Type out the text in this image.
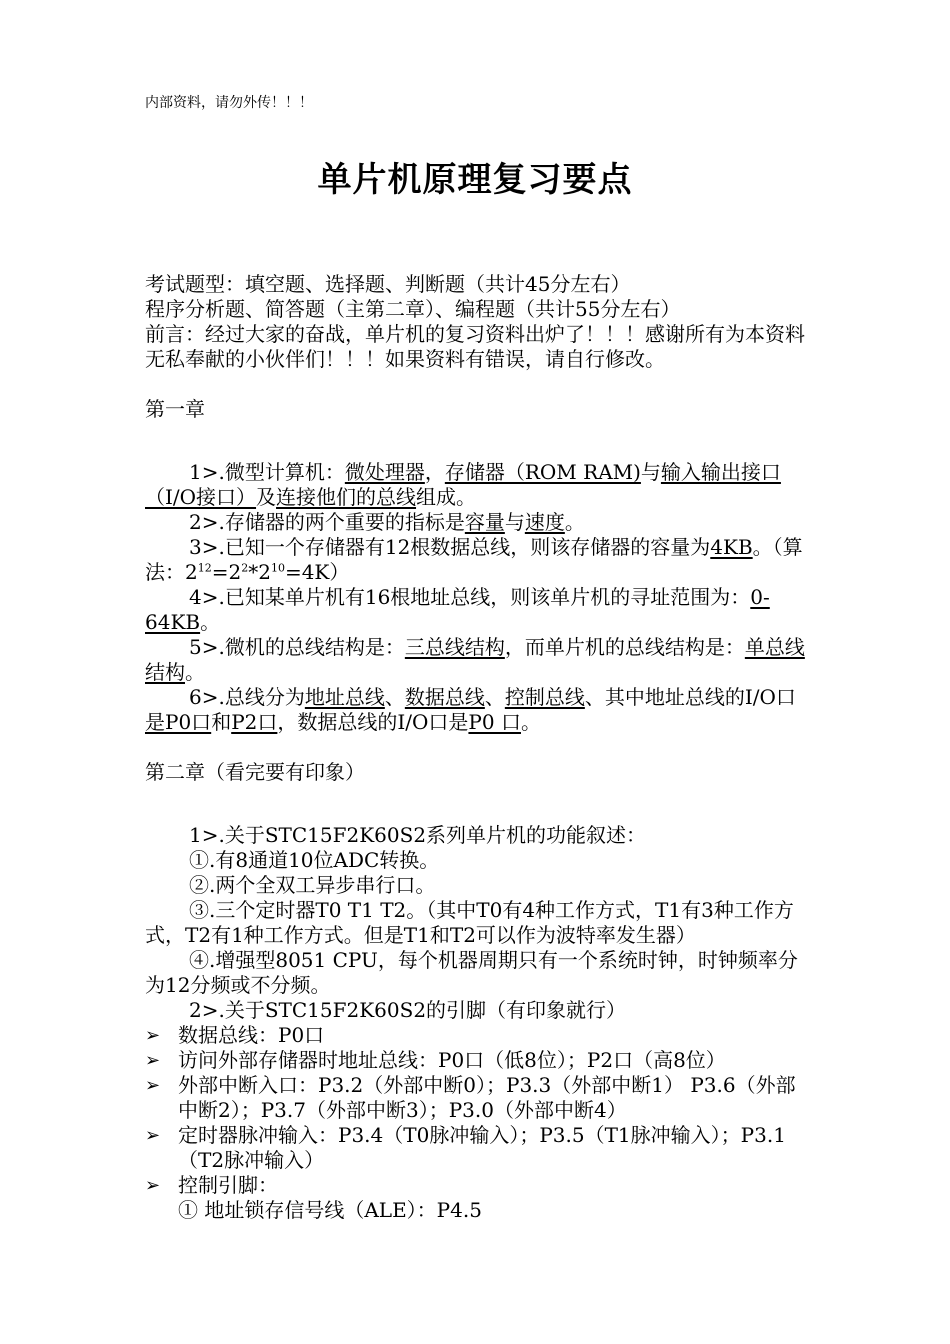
内部资料，请勿外传！！！
单片机原理复习要点

考试题型：填空题、选择题、判断题（共计45分左右）

程序分析题、简答题（主第二章）、编程题（共计55分左右）

前言：经过大家的奋战，单片机的复习资料出炉了！！！感谢所有为本资料无私奉献的小伙伴们！！！如果资料有错误，请自行修改。

第一章

1>.微型计算机：微处理器，存储器（ROM RAM)与输入输出接口（I/O接口）及连接他们的总线组成。

2>.存储器的两个重要的指标是容量与速度。

3>.已知一个存储器有12根数据总线，则该存储器的容量为4KB。（算法：$2^{12}=2^2*2^{10}=4K$）

4>.已知某单片机有16根地址总线，则该单片机的寻址范围为：0-64KB。

5>.微机的总线结构是：三总线结构，而单片机的总线结构是：单总线结构。

6>.总线分为地址总线、数据总线、控制总线、其中地址总线的I/O口是P0口和P2口，数据总线的I/O口是P0 口。

第二章（看完要有印象）

1>.关于STC15F2K60S2系列单片机的功能叙述：

①.有8通道10位ADC转换。

②.两个全双工异步串行口。

③.三个定时器T0 T1 T2。（其中T0有4种工作方式，T1有3种工作方式，T2有1种工作方式。但是T1和T2可以作为波特率发生器）

④.增强型8051 CPU，每个机器周期只有一个系统时钟，时钟频率分为12分频或不分频。

2>.关于STC15F2K60S2的引脚（有印象就行）

➢ 数据总线：P0口

➢ 访问外部存储器时地址总线：P0口（低8位）；P2口（高8位）

➢ 外部中断入口：P3.2（外部中断0）；P3.3（外部中断1） P3.6（外部中断2）；P3.7（外部中断3）；P3.0（外部中断4）

➢ 定时器脉冲输入：P3.4（T0脉冲输入）；P3.5（T1脉冲输入）；P3.1（T2脉冲输入）

➢ 控制引脚：

① 地址锁存信号线（ALE）：P4.5
